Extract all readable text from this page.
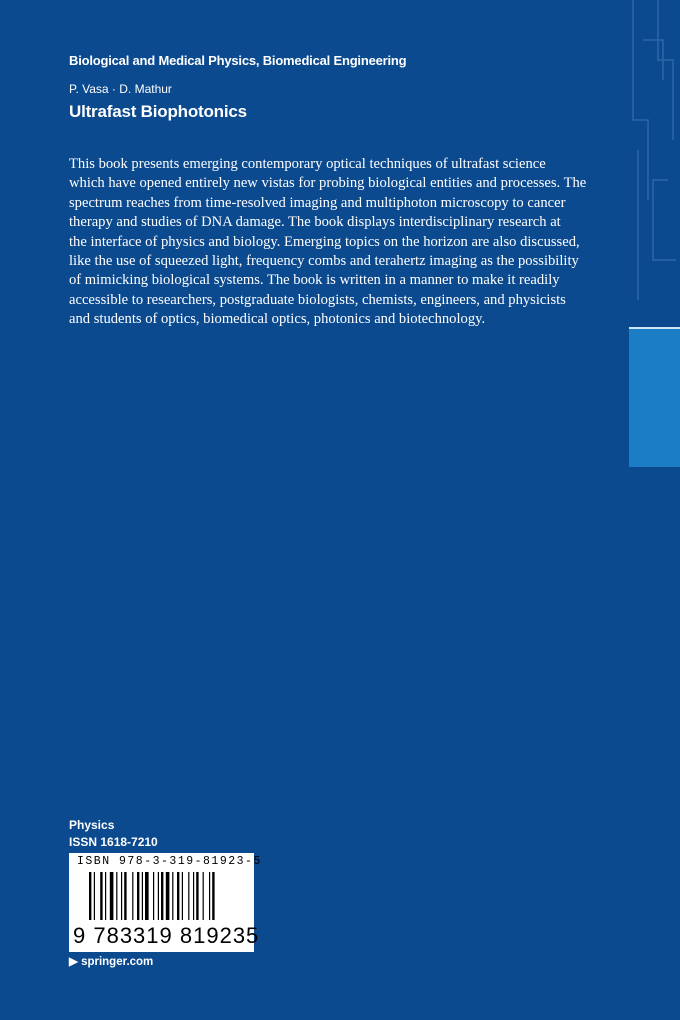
Biological and Medical Physics, Biomedical Engineering
P. Vasa · D. Mathur
Ultrafast Biophotonics
This book presents emerging contemporary optical techniques of ultrafast science
which have opened entirely new vistas for probing biological entities and processes. The
spectrum reaches from time-resolved imaging and multiphoton microscopy to cancer
therapy and studies of DNA damage. The book displays interdisciplinary research at
the interface of physics and biology. Emerging topics on the horizon are also discussed,
like the use of squeezed light, frequency combs and terahertz imaging as the possibility
of mimicking biological systems. The book is written in a manner to make it readily
accessible to researchers, postgraduate biologists, chemists, engineers, and physicists
and students of optics, biomedical optics, photonics and biotechnology.
Physics
ISSN 1618-7210
ISBN 978-3-319-81923-5
9 783319 819235
▶ springer.com
